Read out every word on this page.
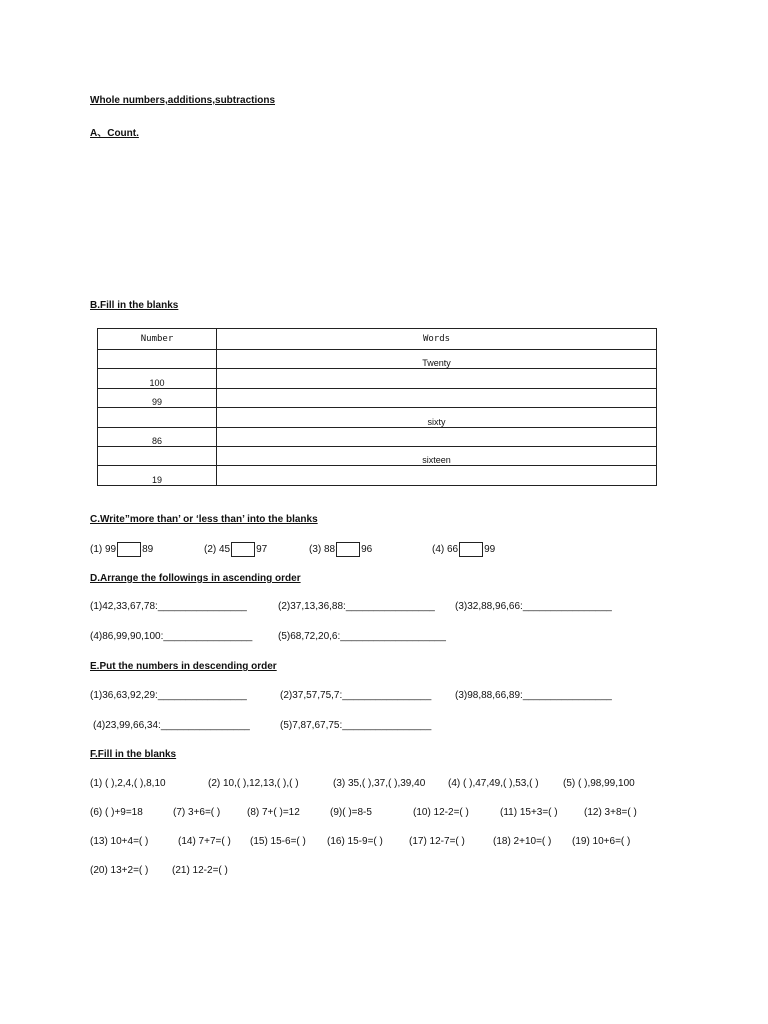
Whole numbers,additions,subtractions
A、Count.
B.Fill in the blanks
Number	Words
	Twenty
100	
99	
	sixty
86	
	sixteen
19	
C.Write”more than’ or ‘less than’ into the blanks
(1) 99	89	(2) 45	97	(3) 88	96	(4) 66	99
D.Arrange the followings in ascending order
(1)42,33,67,78:________________	(2)37,13,36,88:________________ (3)32,88,96,66:________________
(4)86,99,90,100:________________	(5)68,72,20,6:___________________
E.Put the numbers in descending order
(1)36,63,92,29:________________	(2)37,57,75,7:________________ (3)98,88,66,89:________________
(4)23,99,66,34:________________	(5)7,87,67,75:________________
F.Fill in the blanks
(1) ( ),2,4,( ),8,10	(2) 10,( ),12,13,( ),( )	(3) 35,( ),37,( ),39,40 (4) ( ),47,49,( ),53,( ) (5) ( ),98,99,100
(6) ( )+9=18	(7) 3+6=( )	(8) 7+( )=12	(9)( )=8-5	(10) 12-2=( )	(11) 15+3=( )	(12) 3+8=( )
(13) 10+4=( )	(14) 7+7=( ) (15) 15-6=( ) (16) 15-9=( )	(17) 12-7=( )	(18) 2+10=( ) (19) 10+6=( )
(20) 13+2=( ) (21) 12-2=( )
